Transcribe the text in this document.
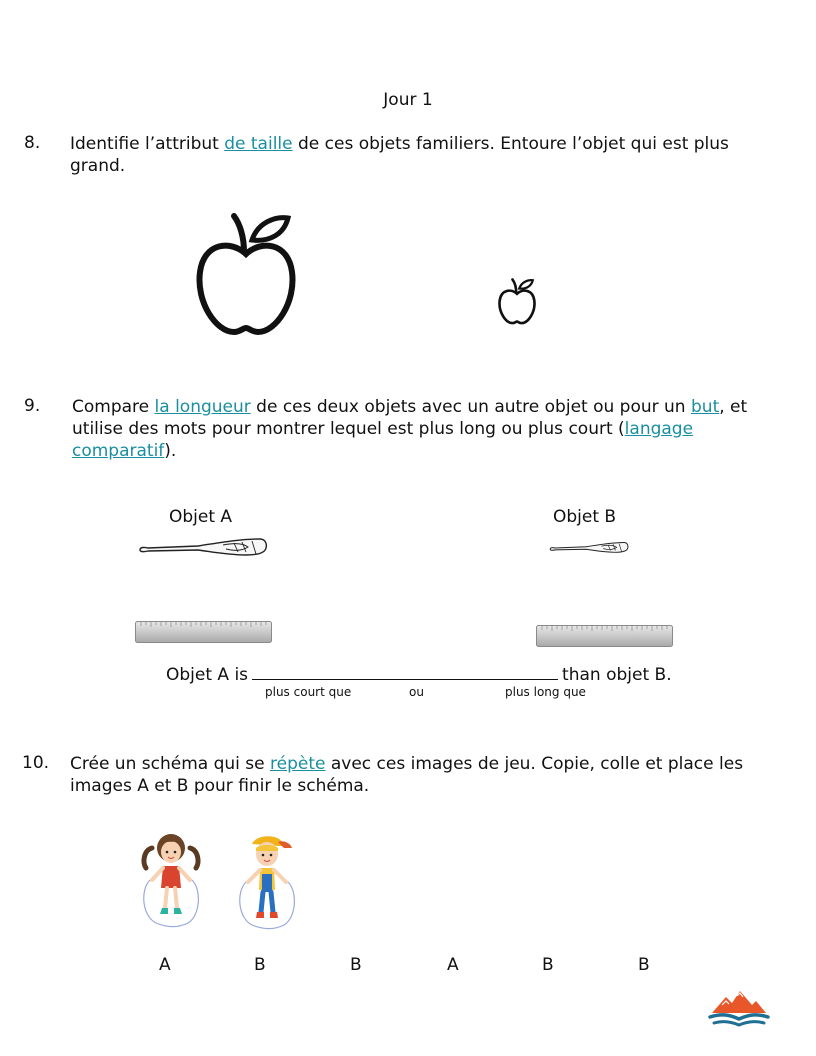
Jour 1
8. Identifie l’attribut de taille de ces objets familiers. Entoure l’objet qui est plus grand.
9. Compare la longueur de ces deux objets avec un autre objet ou pour un but, et utilise des mots pour montrer lequel est plus long ou plus court (langage comparatif).
Objet A	Objet B
Objet A is	than objet B.
plus court que	ou	plus long que
10. Crée un schéma qui se répète avec ces images de jeu. Copie, colle et place les images A et B pour finir le schéma.
A	B	B	A	B	B
